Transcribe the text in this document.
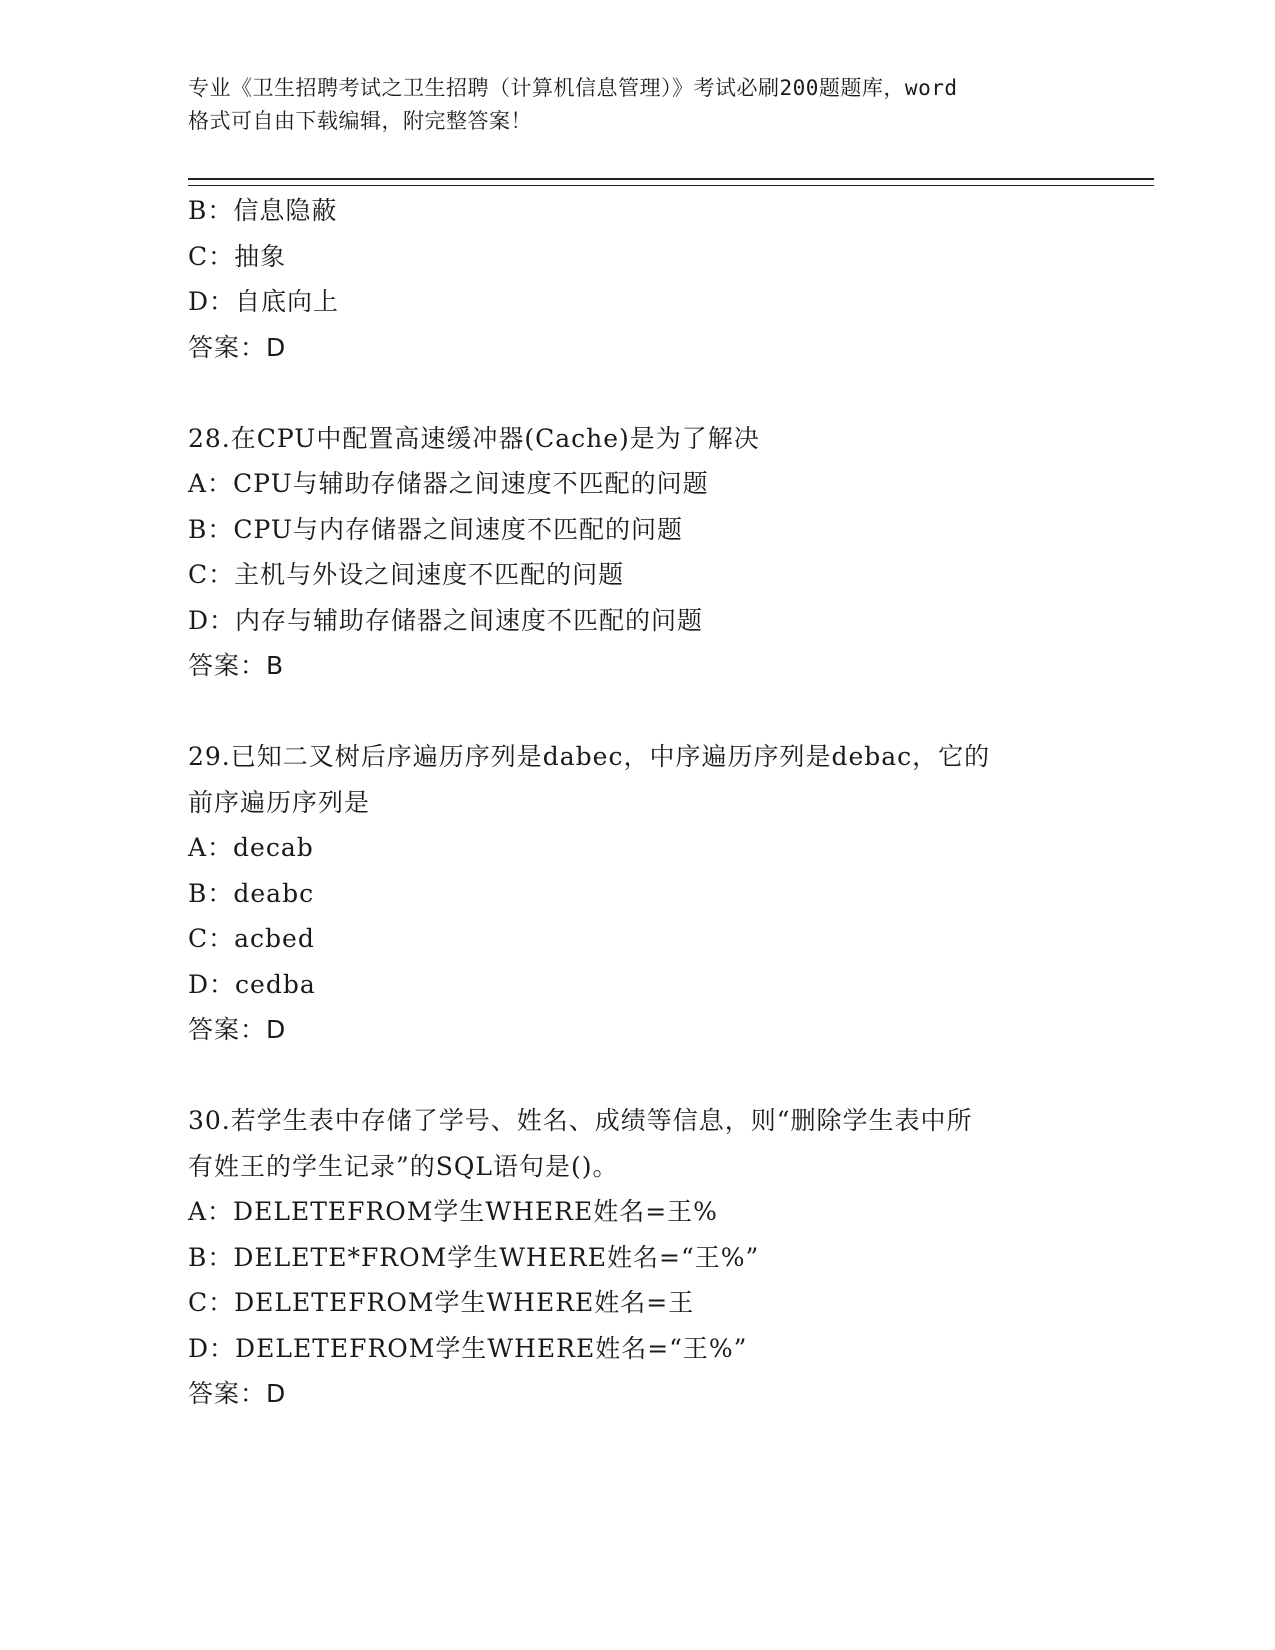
专业《卫生招聘考试之卫生招聘（计算机信息管理）》考试必刷200题题库，word
格式可自由下载编辑，附完整答案！
B：信息隐蔽
C：抽象
D：自底向上
答案：D
28.在CPU中配置高速缓冲器(Cache)是为了解决
A：CPU与辅助存储器之间速度不匹配的问题
B：CPU与内存储器之间速度不匹配的问题
C：主机与外设之间速度不匹配的问题
D：内存与辅助存储器之间速度不匹配的问题
答案：B
29.已知二叉树后序遍历序列是dabec，中序遍历序列是debac，它的
前序遍历序列是
A：decab
B：deabc
C：acbed
D：cedba
答案：D
30.若学生表中存储了学号、姓名、成绩等信息，则“删除学生表中所
有姓王的学生记录”的SQL语句是()。
A：DELETEFROM学生WHERE姓名=王%
B：DELETE*FROM学生WHERE姓名=“王%”
C：DELETEFROM学生WHERE姓名=王
D：DELETEFROM学生WHERE姓名=“王%”
答案：D
